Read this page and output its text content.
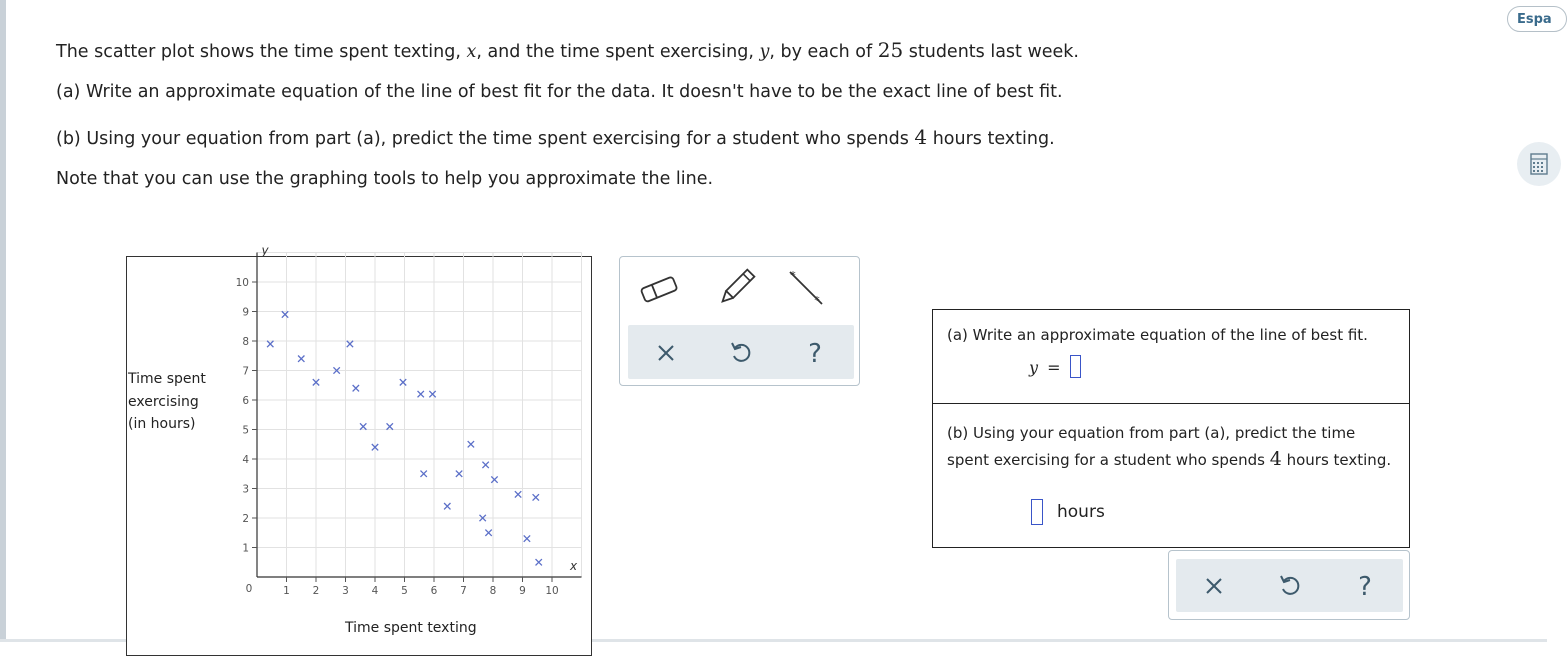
The scatter plot shows the time spent texting, x, and the time spent exercising, y, by each of 25 students last week.
(a) Write an approximate equation of the line of best fit for the data. It doesn't have to be the exact line of best fit.
(b) Using your equation from part (a), predict the time spent exercising for a student who spends 4 hours texting.
Note that you can use the graphing tools to help you approximate the line.
Espa
1 2 3 4 5 6 7 8 9 10
1
2
3
4
5
6
7
8
9
10
0
x
y
Time spent
exercising
(in hours)
Time spent texting
*
*
?
(a) Write an approximate equation of the line of best fit.
y =
(b) Using your equation from part (a), predict the time
spent exercising for a student who spends 4 hours texting.
hours
?
